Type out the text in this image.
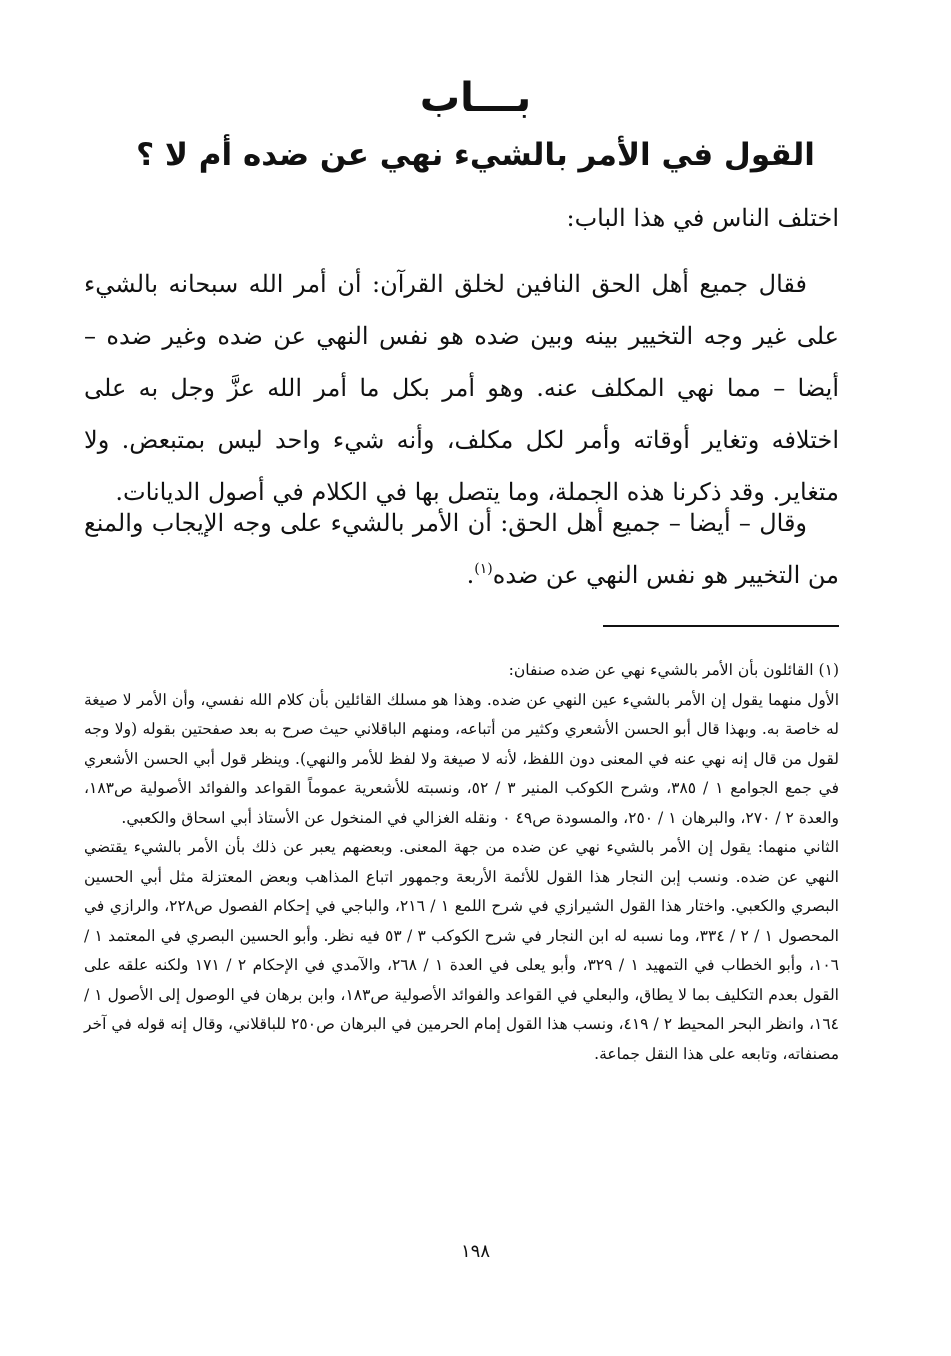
بـــاب
القول في الأمر بالشيء نهي عن ضده أم لا ؟
اختلف الناس في هذا الباب:
فقال جميع أهل الحق النافين لخلق القرآن: أن أمر الله سبحانه بالشيء على غير وجه التخيير بينه وبين ضده هو نفس النهي عن ضده وغير ضده – أيضا – مما نهي المكلف عنه. وهو أمر بكل ما أمر الله عزَّ وجل به على اختلافه وتغاير أوقاته وأمر لكل مكلف، وأنه شيء واحد ليس بمتبعض. ولا متغاير. وقد ذكرنا هذه الجملة، وما يتصل بها في الكلام في أصول الديانات.
وقال – أيضا – جميع أهل الحق: أن الأمر بالشيء على وجه الإيجاب والمنع من التخيير هو نفس النهي عن ضده$^{(١)}$.

(١) القائلون بأن الأمر بالشيء نهي عن ضده صنفان:

الأول منهما يقول إن الأمر بالشيء عين النهي عن ضده. وهذا هو مسلك القائلين بأن كلام الله نفسي، وأن الأمر لا صيغة له خاصة به. وبهذا قال أبو الحسن الأشعري وكثير من أتباعه، ومنهم الباقلاني حيث صرح به بعد صفحتين بقوله (ولا وجه لقول من قال إنه نهي عنه في المعنى دون اللفظ، لأنه لا صيغة ولا لفظ للأمر والنهي). وينظر قول أبي الحسن الأشعري في جمع الجوامع ١ / ٣٨٥، وشرح الكوكب المنير ٣ / ٥٢، ونسبته للأشعرية عموماً القواعد والفوائد الأصولية ص١٨٣، والعدة ٢ / ٢٧٠، والبرهان ١ / ٢٥٠، والمسودة ص٤٩ ٠ ونقله الغزالي في المنخول عن الأستاذ أبي اسحاق والكعبي.

الثاني منهما: يقول إن الأمر بالشيء نهي عن ضده من جهة المعنى. وبعضهم يعبر عن ذلك بأن الأمر بالشيء يقتضي النهي عن ضده. ونسب إبن النجار هذا القول للأئمة الأربعة وجمهور اتباع المذاهب وبعض المعتزلة مثل أبي الحسين البصري والكعبي. واختار هذا القول الشيرازي في شرح اللمع ١ / ٢١٦، والباجي في إحكام الفصول ص٢٢٨، والرازي في المحصول ١ / ٢ / ٣٣٤، وما نسبه له ابن النجار في شرح الكوكب ٣ / ٥٣ فيه نظر. وأبو الحسين البصري في المعتمد ١ / ١٠٦، وأبو الخطاب في التمهيد ١ / ٣٢٩، وأبو يعلى في العدة ١ / ٢٦٨، والآمدي في الإحكام ٢ / ١٧١ ولكنه علقه على القول بعدم التكليف بما لا يطاق، والبعلي في القواعد والفوائد الأصولية ص١٨٣، وابن برهان في الوصول إلى الأصول ١ / ١٦٤، وانظر البحر المحيط ٢ / ٤١٩، ونسب هذا القول إمام الحرمين في البرهان ص٢٥٠ للباقلاني، وقال إنه قوله في آخر مصنفاته، وتابعه على هذا النقل جماعة.

١٩٨
